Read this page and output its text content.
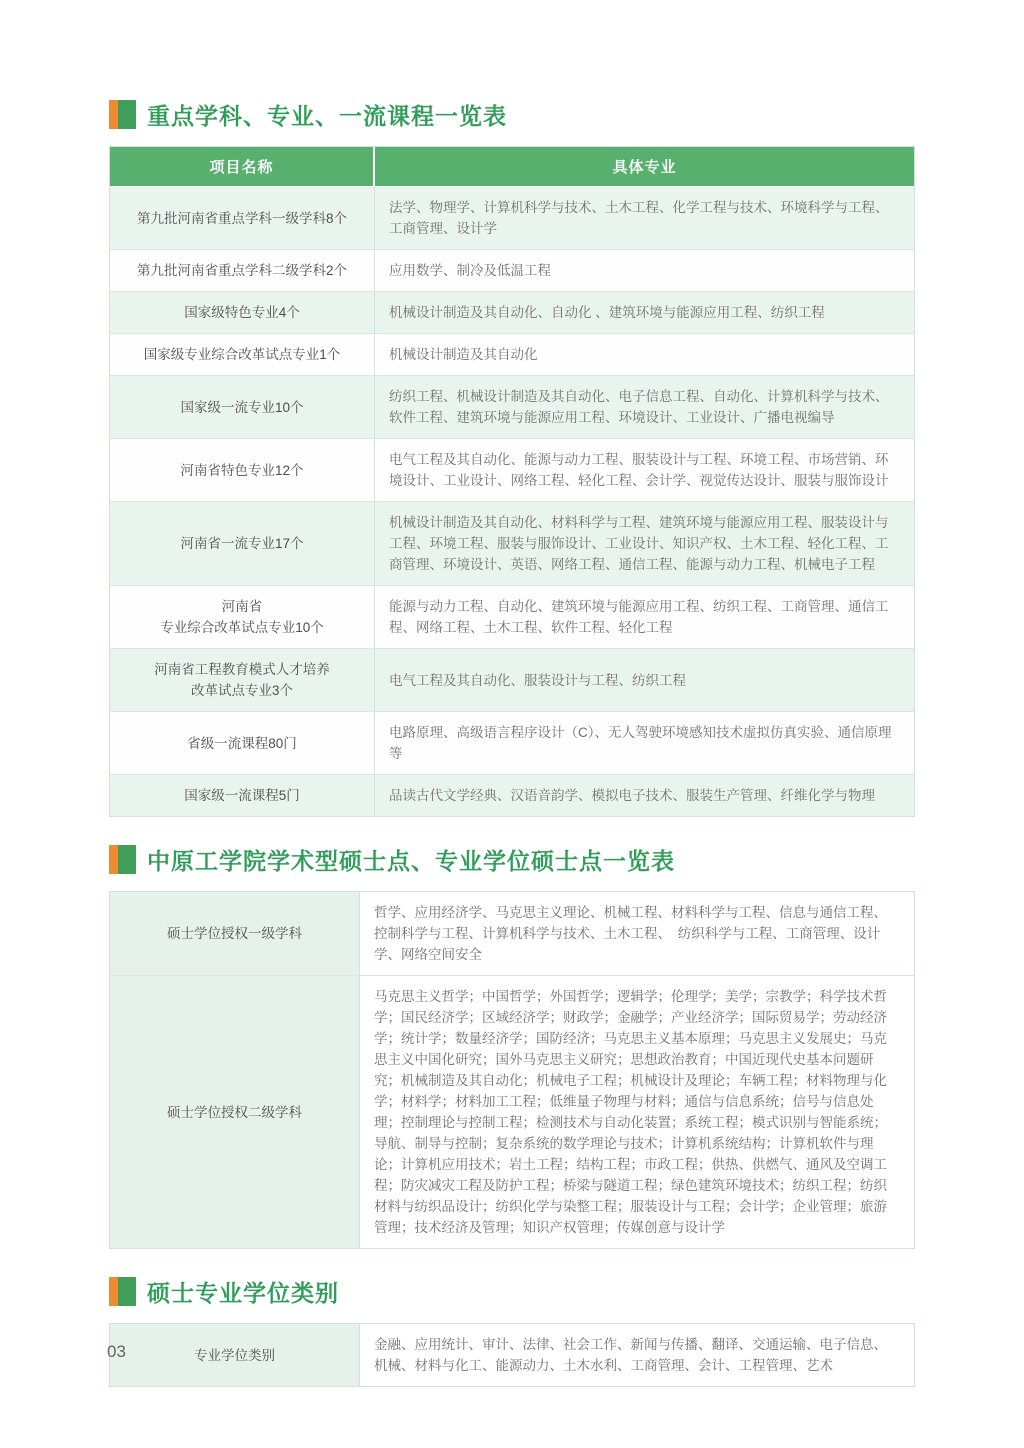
重点学科、专业、一流课程一览表
项目名称	具体专业
第九批河南省重点学科一级学科8个	法学、物理学、计算机科学与技术、土木工程、化学工程与技术、环境科学与工程、工商管理、设计学
第九批河南省重点学科二级学科2个	应用数学、制冷及低温工程
国家级特色专业4个	机械设计制造及其自动化、自动化 、建筑环境与能源应用工程、纺织工程
国家级专业综合改革试点专业1个	机械设计制造及其自动化
国家级一流专业10个	纺织工程、机械设计制造及其自动化、电子信息工程、自动化、计算机科学与技术、软件工程、建筑环境与能源应用工程、环境设计、工业设计、广播电视编导
河南省特色专业12个	电气工程及其自动化、能源与动力工程、服装设计与工程、环境工程、市场营销、环境设计、工业设计、网络工程、轻化工程、会计学、视觉传达设计、服装与服饰设计
河南省一流专业17个	机械设计制造及其自动化、材料科学与工程、建筑环境与能源应用工程、服装设计与工程、环境工程、服装与服饰设计、工业设计、知识产权、土木工程、轻化工程、工商管理、环境设计、英语、网络工程、通信工程、能源与动力工程、机械电子工程
河南省
专业综合改革试点专业10个	能源与动力工程、自动化、建筑环境与能源应用工程、纺织工程、工商管理、通信工程、网络工程、土木工程、软件工程、轻化工程
河南省工程教育模式人才培养
改革试点专业3个	电气工程及其自动化、服装设计与工程、纺织工程
省级一流课程80门	电路原理、高级语言程序设计（C）、无人驾驶环境感知技术虚拟仿真实验、通信原理等
国家级一流课程5门	品读古代文学经典、汉语音韵学、模拟电子技术、服装生产管理、纤维化学与物理
中原工学院学术型硕士点、专业学位硕士点一览表
硕士学位授权一级学科	哲学、应用经济学、马克思主义理论、机械工程、材料科学与工程、信息与通信工程、控制科学与工程、计算机科学与技术、土木工程、　纺织科学与工程、工商管理、设计学、网络空间安全
硕士学位授权二级学科	马克思主义哲学；中国哲学；外国哲学；逻辑学；伦理学；美学；宗教学；科学技术哲学；国民经济学；区域经济学；财政学；金融学；产业经济学；国际贸易学；劳动经济学；统计学；数量经济学；国防经济；马克思主义基本原理；马克思主义发展史；马克思主义中国化研究；国外马克思主义研究；思想政治教育；中国近现代史基本问题研究；机械制造及其自动化；机械电子工程；机械设计及理论；车辆工程；材料物理与化学；材料学；材料加工工程；低维量子物理与材料；通信与信息系统；信号与信息处理；控制理论与控制工程；检测技术与自动化装置；系统工程；模式识别与智能系统；导航、制导与控制；复杂系统的数学理论与技术；计算机系统结构；计算机软件与理论；计算机应用技术；岩土工程；结构工程；市政工程；供热、供燃气、通风及空调工程；防灾减灾工程及防护工程；桥梁与隧道工程；绿色建筑环境技术；纺织工程；纺织材料与纺织品设计；纺织化学与染整工程；服装设计与工程；会计学；企业管理；旅游管理；技术经济及管理；知识产权管理；传媒创意与设计学
硕士专业学位类别
专业学位类别	金融、应用统计、审计、法律、社会工作、新闻与传播、翻译、交通运输、电子信息、机械、材料与化工、能源动力、土木水利、工商管理、会计、工程管理、艺术
03
